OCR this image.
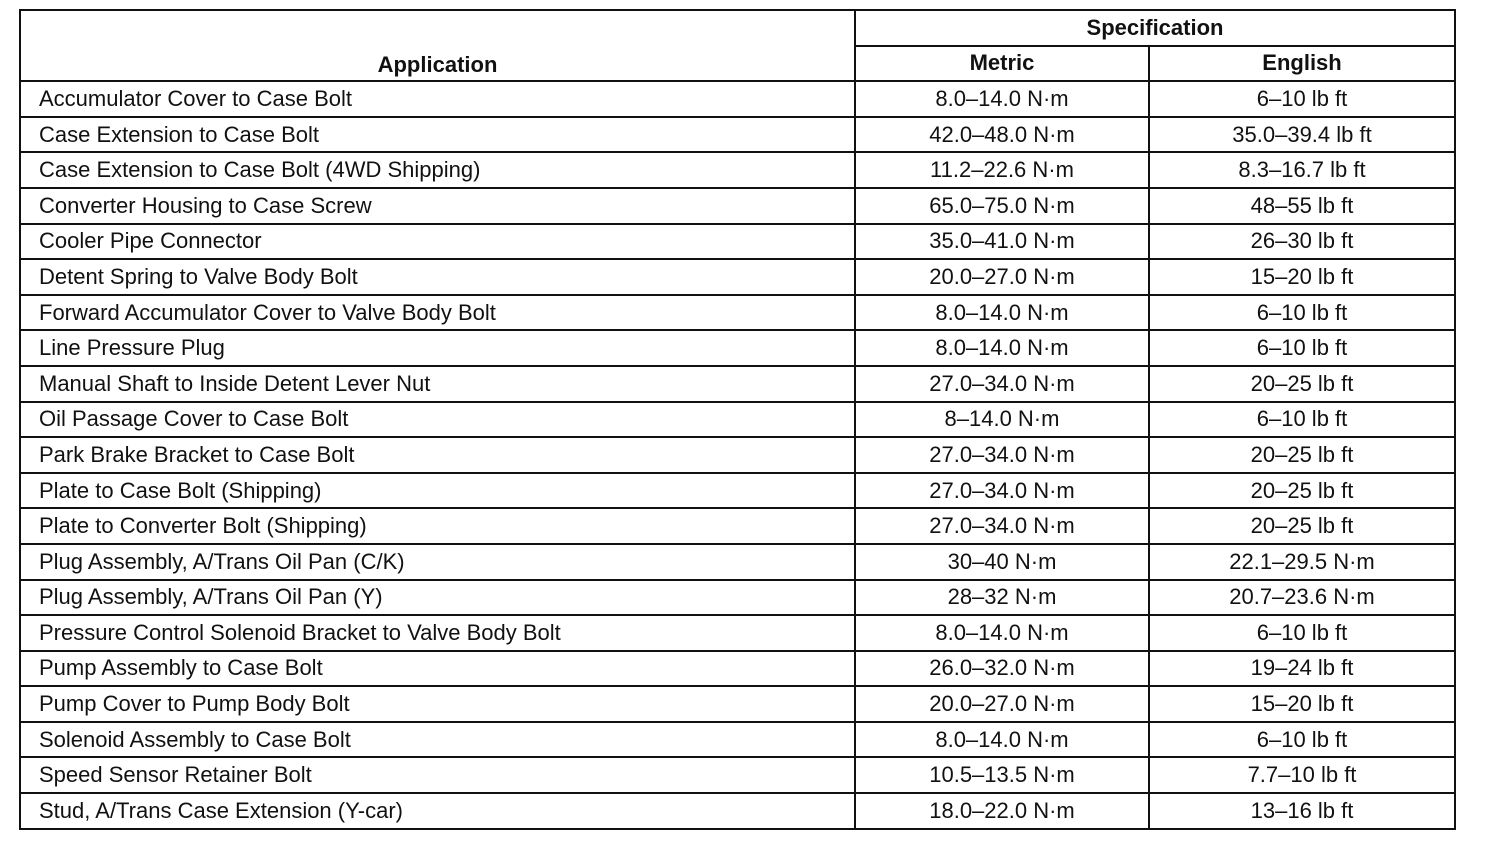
Application	Specification	
	Metric	English
Accumulator Cover to Case Bolt	8.0–14.0 N·m	6–10 lb ft
Case Extension to Case Bolt	42.0–48.0 N·m	35.0–39.4 lb ft
Case Extension to Case Bolt (4WD Shipping)	11.2–22.6 N·m	8.3–16.7 lb ft
Converter Housing to Case Screw	65.0–75.0 N·m	48–55 lb ft
Cooler Pipe Connector	35.0–41.0 N·m	26–30 lb ft
Detent Spring to Valve Body Bolt	20.0–27.0 N·m	15–20 lb ft
Forward Accumulator Cover to Valve Body Bolt	8.0–14.0 N·m	6–10 lb ft
Line Pressure Plug	8.0–14.0 N·m	6–10 lb ft
Manual Shaft to Inside Detent Lever Nut	27.0–34.0 N·m	20–25 lb ft
Oil Passage Cover to Case Bolt	8–14.0 N·m	6–10 lb ft
Park Brake Bracket to Case Bolt	27.0–34.0 N·m	20–25 lb ft
Plate to Case Bolt (Shipping)	27.0–34.0 N·m	20–25 lb ft
Plate to Converter Bolt (Shipping)	27.0–34.0 N·m	20–25 lb ft
Plug Assembly, A/Trans Oil Pan (C/K)	30–40 N·m	22.1–29.5 N·m
Plug Assembly, A/Trans Oil Pan (Y)	28–32 N·m	20.7–23.6 N·m
Pressure Control Solenoid Bracket to Valve Body Bolt	8.0–14.0 N·m	6–10 lb ft
Pump Assembly to Case Bolt	26.0–32.0 N·m	19–24 lb ft
Pump Cover to Pump Body Bolt	20.0–27.0 N·m	15–20 lb ft
Solenoid Assembly to Case Bolt	8.0–14.0 N·m	6–10 lb ft
Speed Sensor Retainer Bolt	10.5–13.5 N·m	7.7–10 lb ft
Stud, A/Trans Case Extension (Y-car)	18.0–22.0 N·m	13–16 lb ft
